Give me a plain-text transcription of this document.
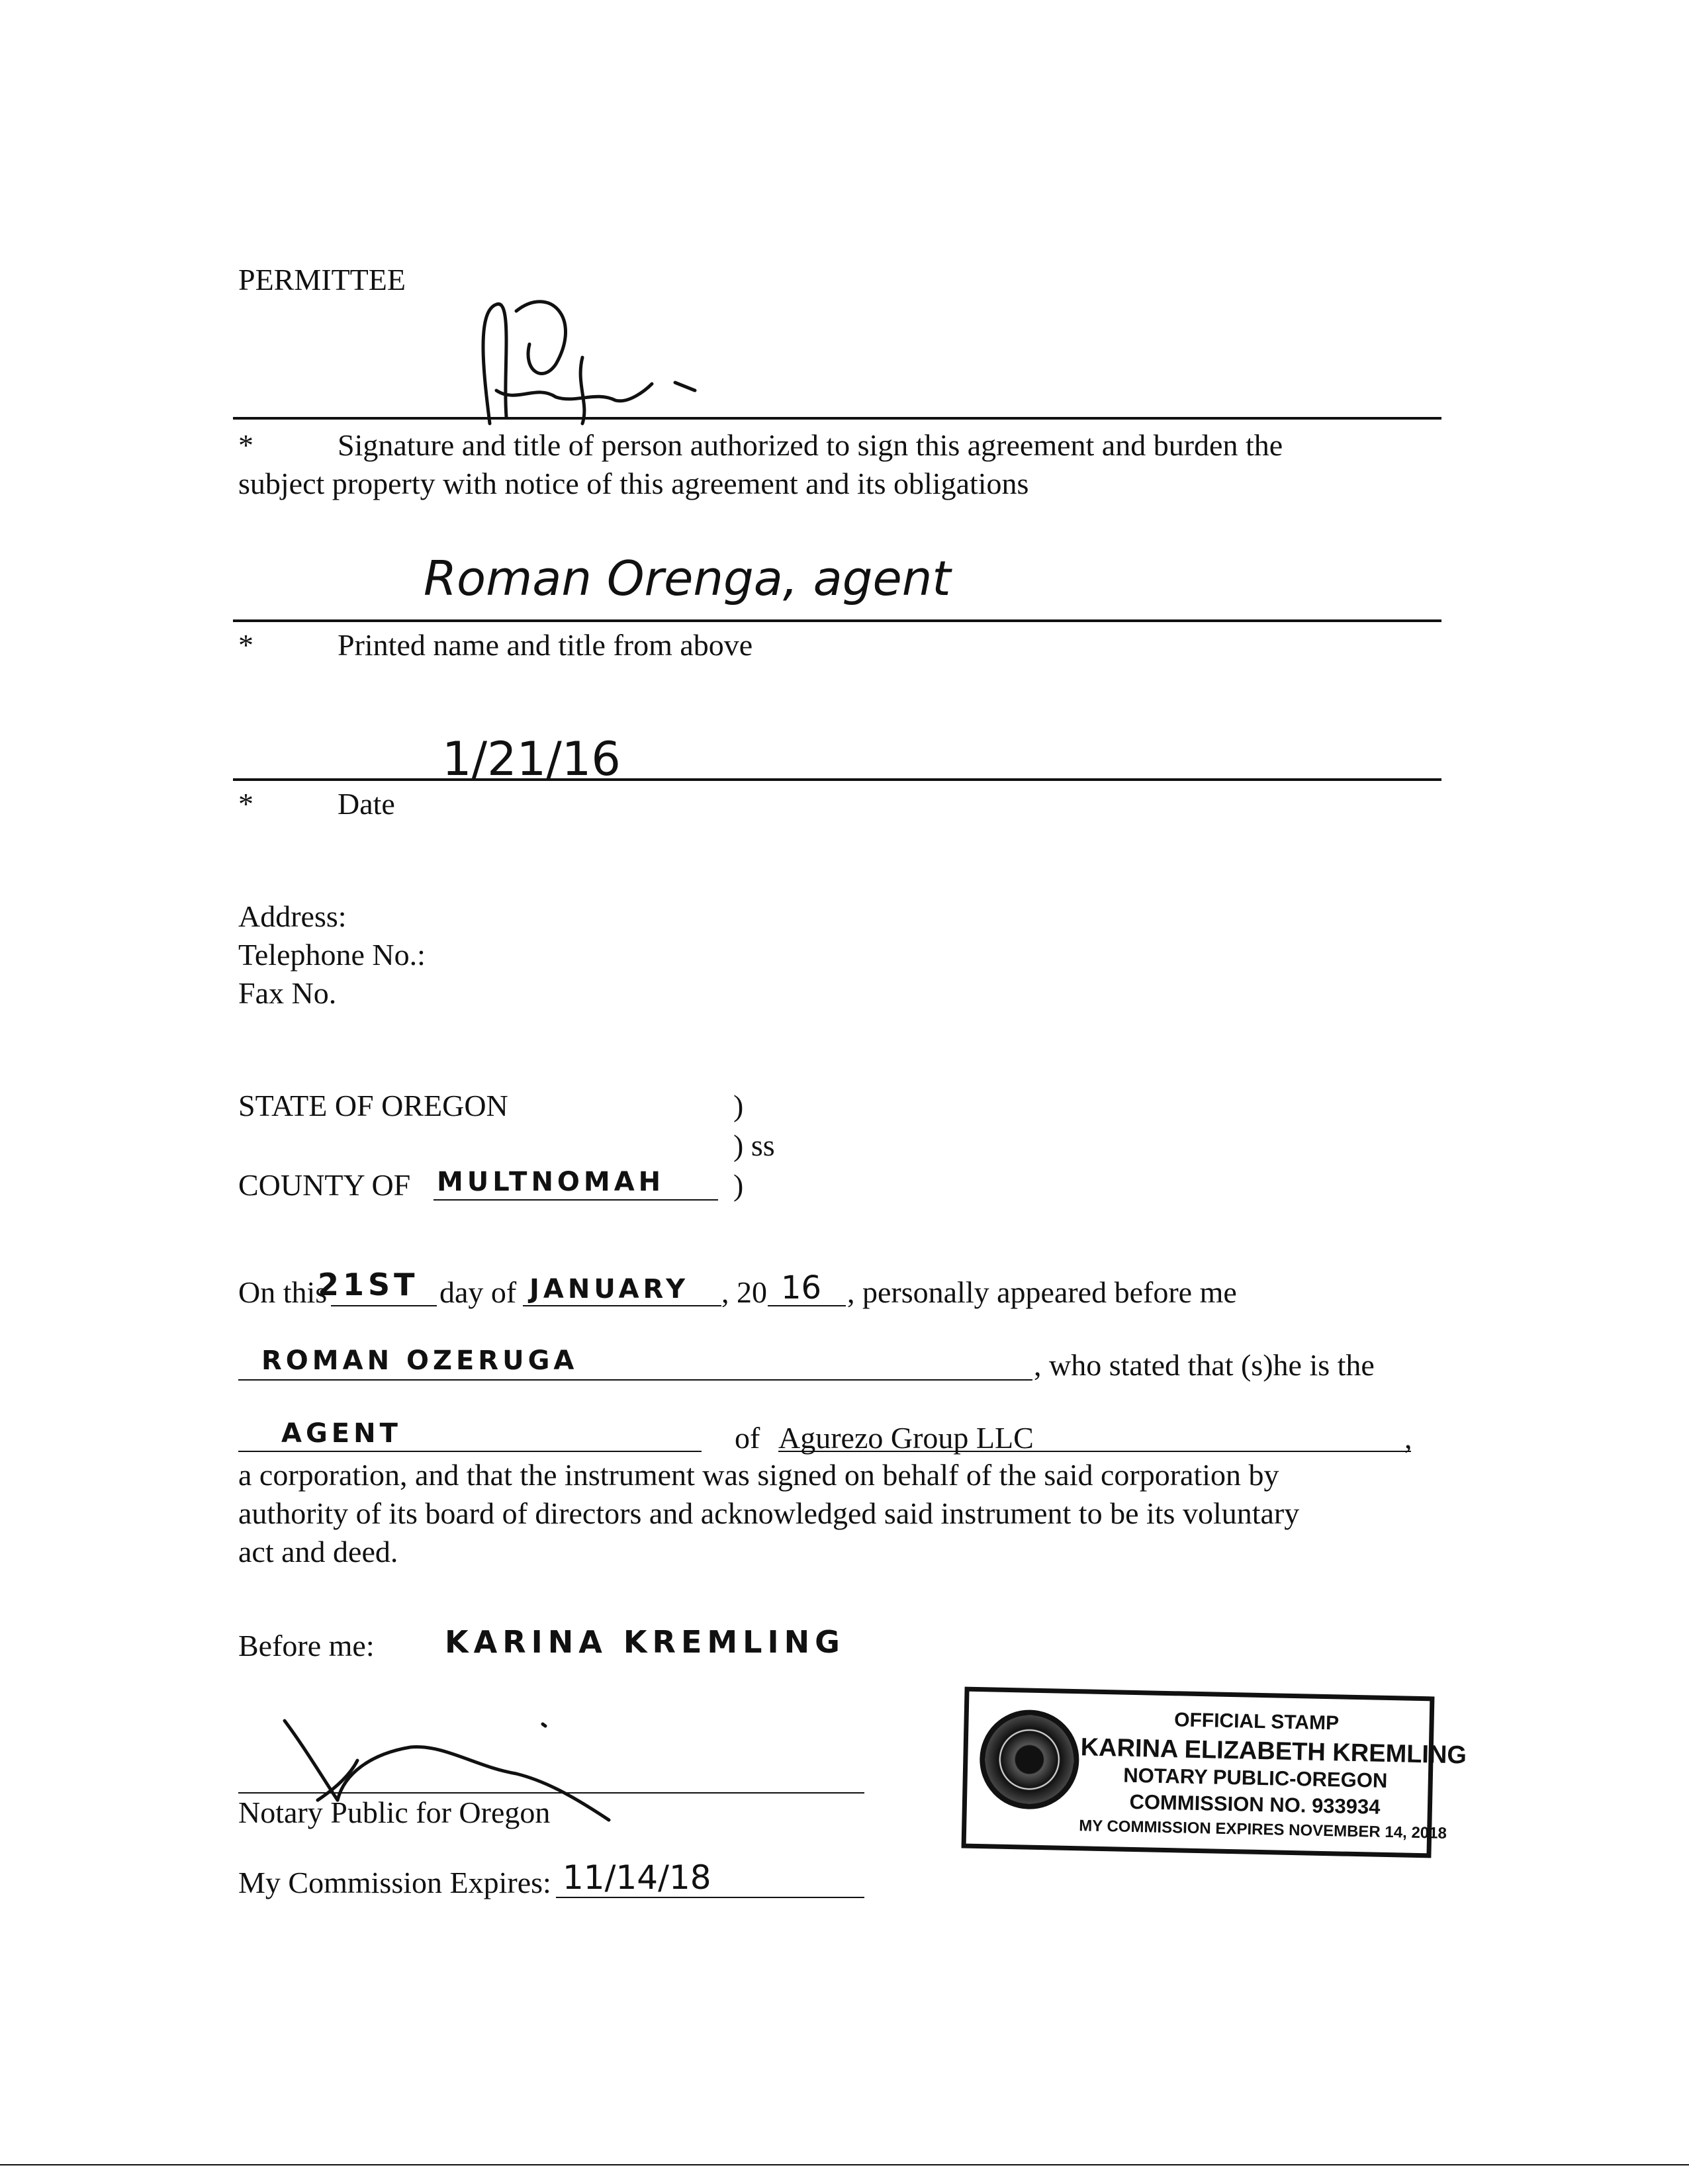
PERMITTEE
*	Signature and title of person authorized to sign this agreement and burden the
subject property with notice of this agreement and its obligations
Roman Orenga, agent
*	Printed name and title from above
1/21/16
*	Date
Address:
Telephone No.:
Fax No.
STATE OF OREGON	)
) ss
COUNTY OF MULTNOMAH )
On this
21ST day of JANUARY , 20 16 , personally appeared before me
ROMAN OZERUGA	, who stated that (s)he is the
AGENT	of Agurezo Group LLC	,
a corporation, and that the instrument was signed on behalf of the said corporation by
authority of its board of directors and acknowledged said instrument to be its voluntary
act and deed.
Before me: KARINA KREMLING
Notary Public for Oregon
My Commission Expires: 11/14/18
OFFICIAL STAMP
KARINA ELIZABETH KREMLING
NOTARY PUBLIC-OREGON
COMMISSION NO. 933934
MY COMMISSION EXPIRES NOVEMBER 14, 2018
